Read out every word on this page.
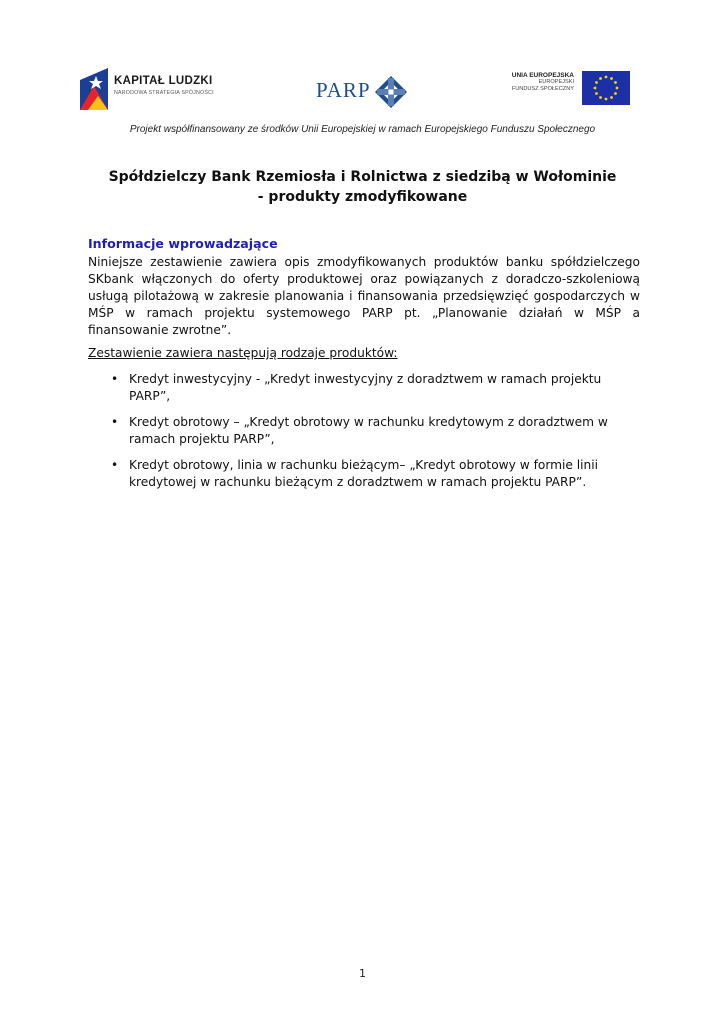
KAPITAŁ LUDZKI
NARODOWA STRATEGIA SPÓJNOŚCI	PARP
UNIA EUROPEJSKA
EUROPEJSKI
FUNDUSZ SPOŁECZNY
Projekt współfinansowany ze środków Unii Europejskiej w ramach Europejskiego Funduszu Społecznego
Spółdzielczy Bank Rzemiosła i Rolnictwa z siedzibą w Wołominie
- produkty zmodyfikowane
Informacje wprowadzające

Niniejsze zestawienie zawiera opis zmodyfikowanych produktów banku spółdzielczego SKbank włączonych do oferty produktowej oraz powiązanych z doradczo-szkoleniową usługą pilotażową w zakresie planowania i finansowania przedsięwzięć gospodarczych w MŚP w ramach projektu systemowego PARP pt. „Planowanie działań w MŚP a finansowanie zwrotne”.

Zestawienie zawiera następują rodzaje produktów:
• Kredyt inwestycyjny - „Kredyt inwestycyjny z doradztwem w ramach projektu PARP”,
• Kredyt obrotowy – „Kredyt obrotowy w rachunku kredytowym z doradztwem w ramach projektu PARP”,
• Kredyt obrotowy, linia w rachunku bieżącym– „Kredyt obrotowy w formie linii kredytowej w rachunku bieżącym z doradztwem w ramach projektu PARP”.
1
